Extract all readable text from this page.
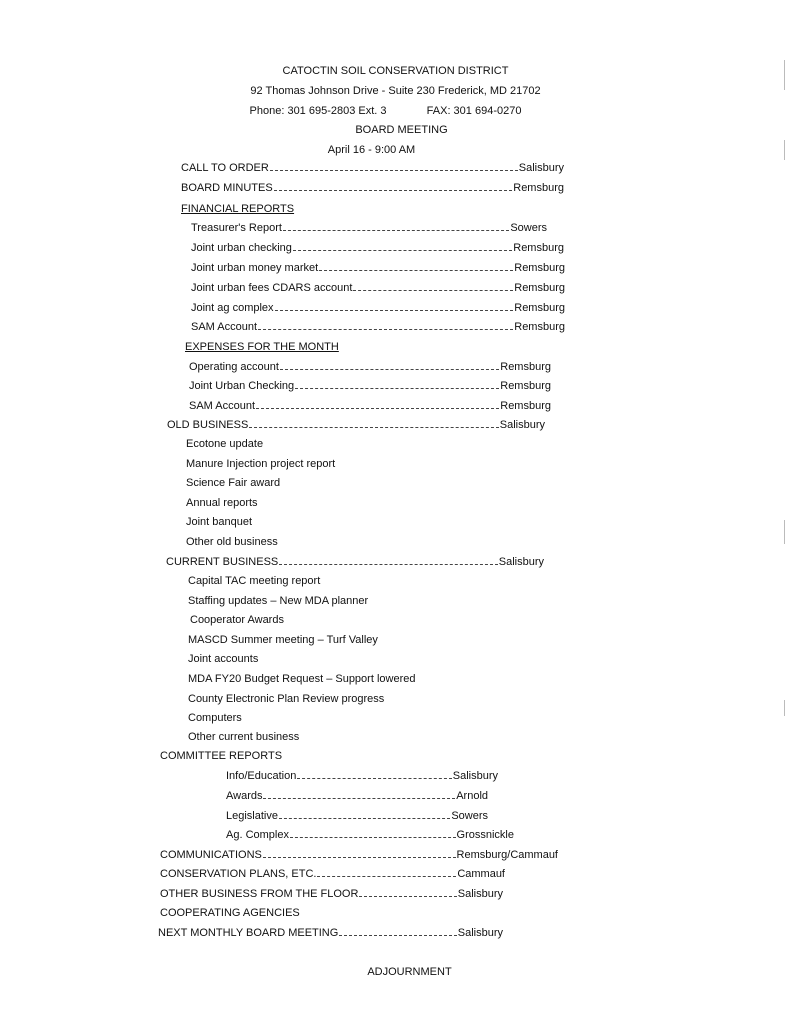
CATOCTIN SOIL CONSERVATION DISTRICT
92 Thomas Johnson Drive - Suite 230 Frederick, MD 21702
Phone: 301 695-2803 Ext. 3	FAX: 301 694-0270
BOARD MEETING
April 16 - 9:00 AM
CALL TO ORDER	Salisbury
BOARD MINUTES	Remsburg
FINANCIAL REPORTS
Treasurer's Report	Sowers
Joint urban checking	Remsburg
Joint urban money market	Remsburg
Joint urban fees CDARS account	Remsburg
Joint ag complex	Remsburg
SAM Account	Remsburg
EXPENSES FOR THE MONTH
Operating account	Remsburg
Joint Urban Checking	Remsburg
SAM Account	Remsburg
OLD BUSINESS	Salisbury
Ecotone update
Manure Injection project report
Science Fair award
Annual reports
Joint banquet
Other old business
CURRENT BUSINESS	Salisbury
Capital TAC meeting report
Staffing updates – New MDA planner
Cooperator Awards
MASCD Summer meeting – Turf Valley
Joint accounts
MDA FY20 Budget Request – Support lowered
County Electronic Plan Review progress
Computers
Other current business
COMMITTEE REPORTS
Info/Education	Salisbury
Awards	Arnold
Legislative	Sowers
Ag. Complex	Grossnickle
COMMUNICATIONS	Remsburg/Cammauf
CONSERVATION PLANS, ETC.	Cammauf
OTHER BUSINESS FROM THE FLOOR	Salisbury
COOPERATING AGENCIES
NEXT MONTHLY BOARD MEETING	Salisbury
ADJOURNMENT
